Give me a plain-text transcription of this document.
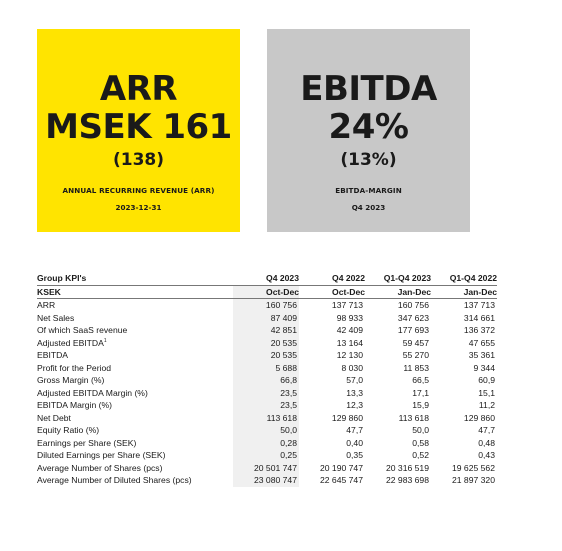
ARR
MSEK 161
(138)
ANNUAL RECURRING REVENUE (ARR)
2023-12-31
EBITDA
24%
(13%)
EBITDA-MARGIN
Q4 2023
Group KPI's	Q4 2023	Q4 2022	Q1-Q4 2023	Q1-Q4 2022
KSEK	Oct-Dec	Oct-Dec	Jan-Dec	Jan-Dec
ARR	160 756	137 713	160 756	137 713
Net Sales	87 409	98 933	347 623	314 661
Of which SaaS revenue	42 851	42 409	177 693	136 372
Adjusted EBITDA$^1$	20 535	13 164	59 457	47 655
EBITDA	20 535	12 130	55 270	35 361
Profit for the Period	5 688	8 030	11 853	9 344
Gross Margin (%)	66,8	57,0	66,5	60,9
Adjusted EBITDA Margin (%)	23,5	13,3	17,1	15,1
EBITDA Margin (%)	23,5	12,3	15,9	11,2
Net Debt	113 618	129 860	113 618	129 860
Equity Ratio (%)	50,0	47,7	50,0	47,7
Earnings per Share (SEK)	0,28	0,40	0,58	0,48
Diluted Earnings per Share (SEK)	0,25	0,35	0,52	0,43
Average Number of Shares (pcs)	20 501 747	20 190 747	20 316 519	19 625 562
Average Number of Diluted Shares (pcs)	23 080 747	22 645 747	22 983 698	21 897 320
